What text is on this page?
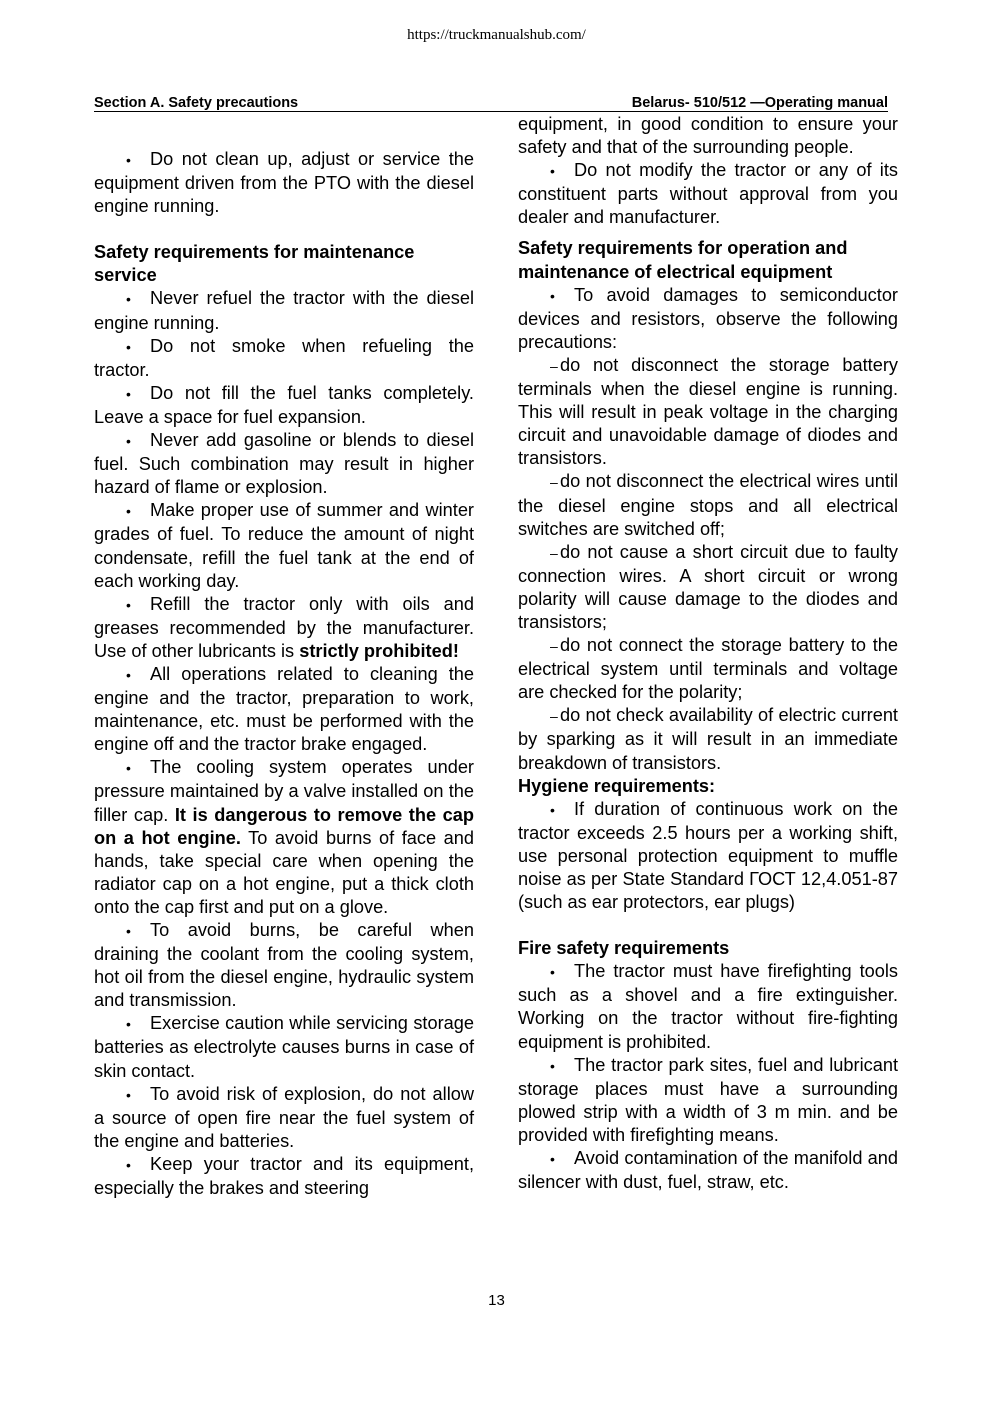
https://truckmanualshub.com/
Section A. Safety precautions	Belarus- 510/512 —Operating manual

• Do not clean up, adjust or service the equipment driven from the PTO with the diesel engine running.

Safety requirements for maintenance service

• Never refuel the tractor with the diesel engine running.

• Do not smoke when refueling the tractor.

• Do not fill the fuel tanks completely. Leave a space for fuel expansion.

• Never add gasoline or blends to diesel fuel. Such combination may result in higher hazard of flame or explosion.

• Make proper use of summer and winter grades of fuel. To reduce the amount of night condensate, refill the fuel tank at the end of each working day.

• Refill the tractor only with oils and greases recommended by the manufacturer. Use of other lubricants is strictly prohibited!

• All operations related to cleaning the engine and the tractor, preparation to work, maintenance, etc. must be performed with the engine off and the tractor brake engaged.

• The cooling system operates under pressure maintained by a valve installed on the filler cap. It is dangerous to remove the cap on a hot engine. To avoid burns of face and hands, take special care when opening the radiator cap on a hot engine, put a thick cloth onto the cap first and put on a glove.

• To avoid burns, be careful when draining the coolant from the cooling system, hot oil from the diesel engine, hydraulic system and transmission.

• Exercise caution while servicing storage batteries as electrolyte causes burns in case of skin contact.

• To avoid risk of explosion, do not allow a source of open fire near the fuel system of the engine and batteries.

• Keep your tractor and its equipment, especially the brakes and steering

equipment, in good condition to ensure your safety and that of the surrounding people.

• Do not modify the tractor or any of its constituent parts without approval from you dealer and manufacturer.

Safety requirements for operation and maintenance of electrical equipment

• To avoid damages to semiconductor devices and resistors, observe the following precautions:

– do not disconnect the storage battery terminals when the diesel engine is running. This will result in peak voltage in the charging circuit and unavoidable damage of diodes and transistors.

– do not disconnect the electrical wires until the diesel engine stops and all electrical switches are switched off;

– do not cause a short circuit due to faulty connection wires. A short circuit or wrong polarity will cause damage to the diodes and transistors;

– do not connect the storage battery to the electrical system until terminals and voltage are checked for the polarity;

– do not check availability of electric current by sparking as it will result in an immediate breakdown of transistors.

Hygiene requirements:

• If duration of continuous work on the tractor exceeds 2.5 hours per a working shift, use personal protection equipment to muffle noise as per State Standard ГОСТ 12,4.051-87 (such as ear protectors, ear plugs)

Fire safety requirements

• The tractor must have firefighting tools such as a shovel and a fire extinguisher. Working on the tractor without fire-fighting equipment is prohibited.

• The tractor park sites, fuel and lubricant storage places must have a surrounding plowed strip with a width of 3 m min. and be provided with firefighting means.

• Avoid contamination of the manifold and silencer with dust, fuel, straw, etc.

13
